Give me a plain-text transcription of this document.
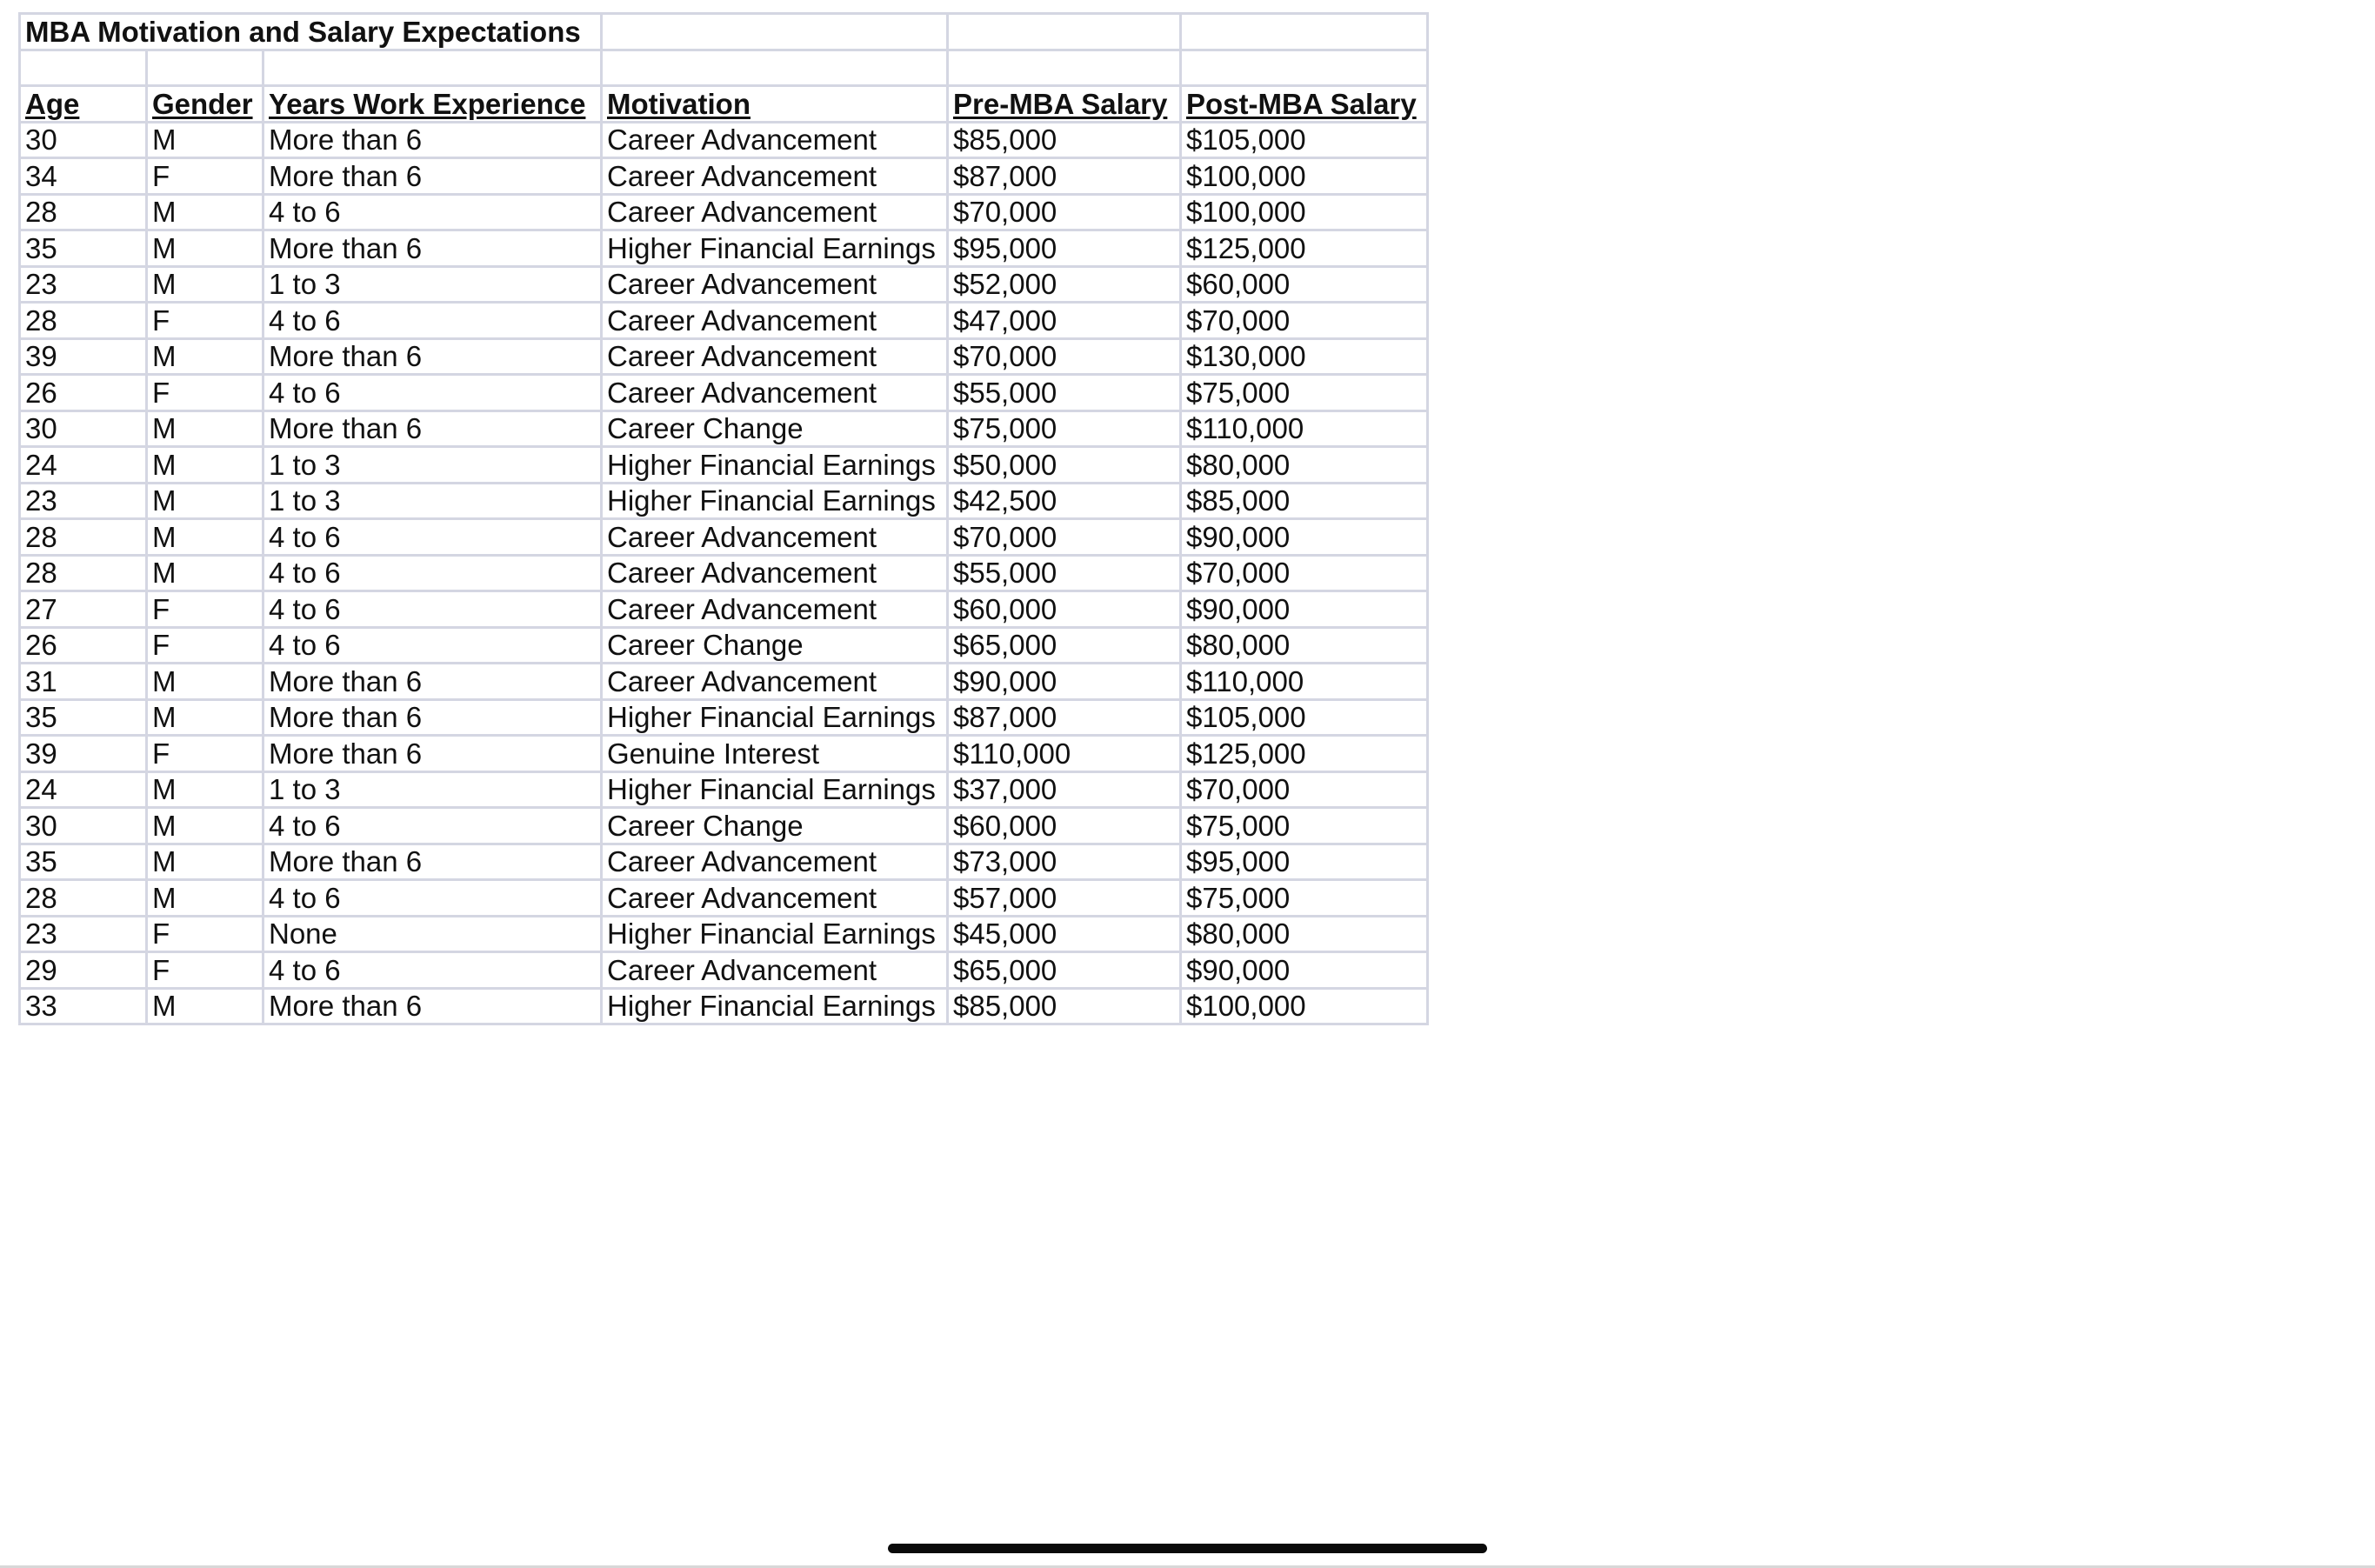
MBA Motivation and Salary Expectations					

Age	Gender	Years Work Experience	Motivation	Pre-MBA Salary	Post-MBA Salary
30	M	More than 6	Career Advancement	$85,000	$105,000
34	F	More than 6	Career Advancement	$87,000	$100,000
28	M	4 to 6	Career Advancement	$70,000	$100,000
35	M	More than 6	Higher Financial Earnings	$95,000	$125,000
23	M	1 to 3	Career Advancement	$52,000	$60,000
28	F	4 to 6	Career Advancement	$47,000	$70,000
39	M	More than 6	Career Advancement	$70,000	$130,000
26	F	4 to 6	Career Advancement	$55,000	$75,000
30	M	More than 6	Career Change	$75,000	$110,000
24	M	1 to 3	Higher Financial Earnings	$50,000	$80,000
23	M	1 to 3	Higher Financial Earnings	$42,500	$85,000
28	M	4 to 6	Career Advancement	$70,000	$90,000
28	M	4 to 6	Career Advancement	$55,000	$70,000
27	F	4 to 6	Career Advancement	$60,000	$90,000
26	F	4 to 6	Career Change	$65,000	$80,000
31	M	More than 6	Career Advancement	$90,000	$110,000
35	M	More than 6	Higher Financial Earnings	$87,000	$105,000
39	F	More than 6	Genuine Interest	$110,000	$125,000
24	M	1 to 3	Higher Financial Earnings	$37,000	$70,000
30	M	4 to 6	Career Change	$60,000	$75,000
35	M	More than 6	Career Advancement	$73,000	$95,000
28	M	4 to 6	Career Advancement	$57,000	$75,000
23	F	None	Higher Financial Earnings	$45,000	$80,000
29	F	4 to 6	Career Advancement	$65,000	$90,000
33	M	More than 6	Higher Financial Earnings	$85,000	$100,000
